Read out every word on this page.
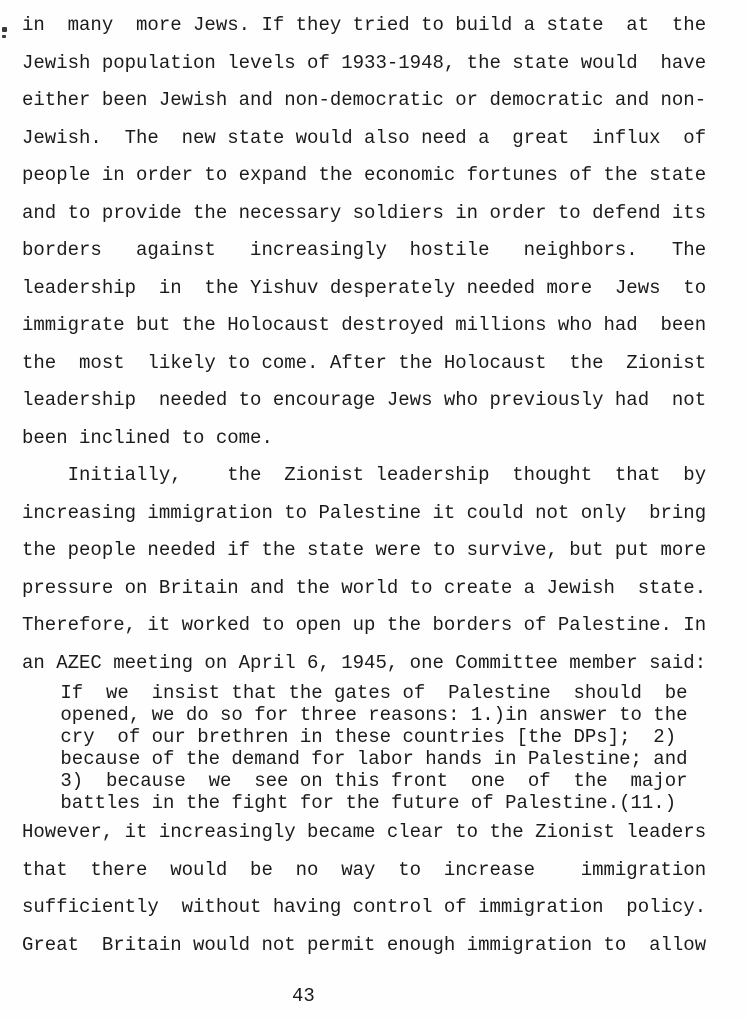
in  many  more Jews. If they tried to build a state  at  the
Jewish population levels of 1933-1948, the state would  have
either been Jewish and non-democratic or democratic and non-
Jewish.  The  new state would also need a  great  influx  of
people in order to expand the economic fortunes of the state
and to provide the necessary soldiers in order to defend its
borders   against   increasingly  hostile   neighbors.   The
leadership  in  the Yishuv desperately needed more  Jews  to
immigrate but the Holocaust destroyed millions who had  been
the  most  likely to come. After the Holocaust  the  Zionist
leadership  needed to encourage Jews who previously had  not
been inclined to come.
Initially,    the  Zionist leadership  thought  that  by
increasing immigration to Palestine it could not only  bring
the people needed if the state were to survive, but put more
pressure on Britain and the world to create a Jewish  state.
Therefore, it worked to open up the borders of Palestine. In
an AZEC meeting on April 6, 1945, one Committee member said:
If  we  insist that the gates of  Palestine  should  be
opened, we do so for three reasons: 1.)in answer to the
cry  of our brethren in these countries [the DPs];  2)
because of the demand for labor hands in Palestine; and
3)  because  we  see on this front  one  of  the  major
battles in the fight for the future of Palestine.(11.)
However, it increasingly became clear to the Zionist leaders
that  there  would  be  no  way  to  increase    immigration
sufficiently  without having control of immigration  policy.
Great  Britain would not permit enough immigration to  allow
43
